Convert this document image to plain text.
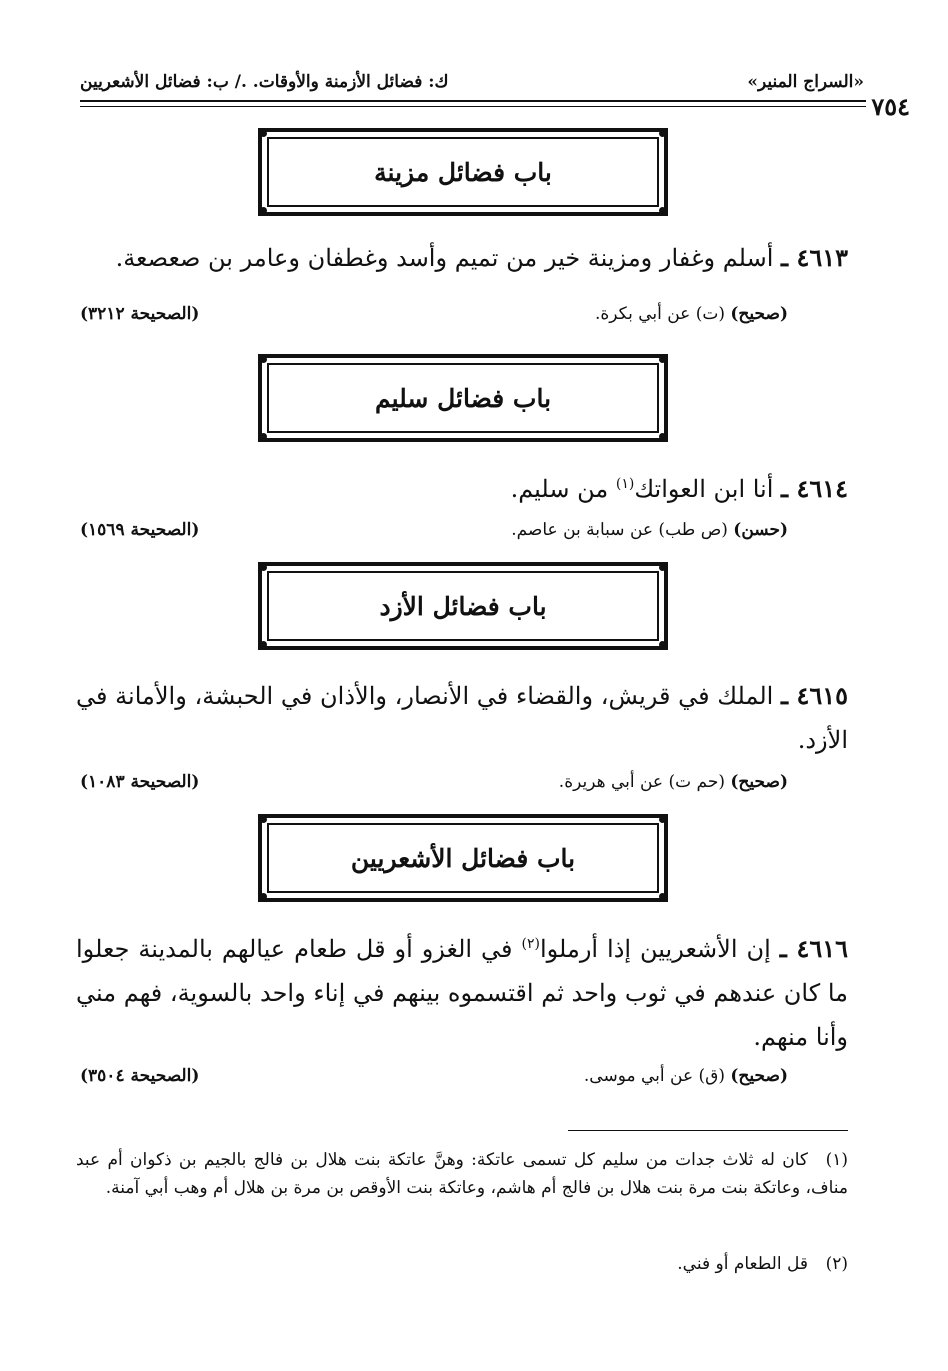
٧٥٤
«السراج المنير»
ك: فضائل الأزمنة والأوقات. ./ ب: فضائل الأشعريين
باب فضائل مزينة
٤٦١٣ ـ أسلم وغفار ومزينة خير من تميم وأسد وغطفان وعامر بن صعصعة.
(صحيح) (ت) عن أبي بكرة.
(الصحيحة ٣٢١٢)
باب فضائل سليم
٤٦١٤ ـ أنا ابن العواتك$^{(١)}$ من سليم.
(حسن) (ص طب) عن سبابة بن عاصم.
(الصحيحة ١٥٦٩)
باب فضائل الأزد
٤٦١٥ ـ الملك في قريش، والقضاء في الأنصار، والأذان في الحبشة، والأمانة في الأزد.
(صحيح) (حم ت) عن أبي هريرة.
(الصحيحة ١٠٨٣)
باب فضائل الأشعريين
٤٦١٦ ـ إن الأشعريين إذا أرملوا$^{(٢)}$ في الغزو أو قل طعام عيالهم بالمدينة جعلوا ما كان عندهم في ثوب واحد ثم اقتسموه بينهم في إناء واحد بالسوية، فهم مني وأنا منهم.
(صحيح) (ق) عن أبي موسى.
(الصحيحة ٣٥٠٤)
(١)كان له ثلاث جدات من سليم كل تسمى عاتكة: وهنَّ عاتكة بنت هلال بن فالج بالجيم بن ذكوان أم عبد مناف، وعاتكة بنت مرة بنت هلال بن فالج أم هاشم، وعاتكة بنت الأوقص بن مرة بن هلال أم وهب أبي آمنة.
(٢)قل الطعام أو فني.
